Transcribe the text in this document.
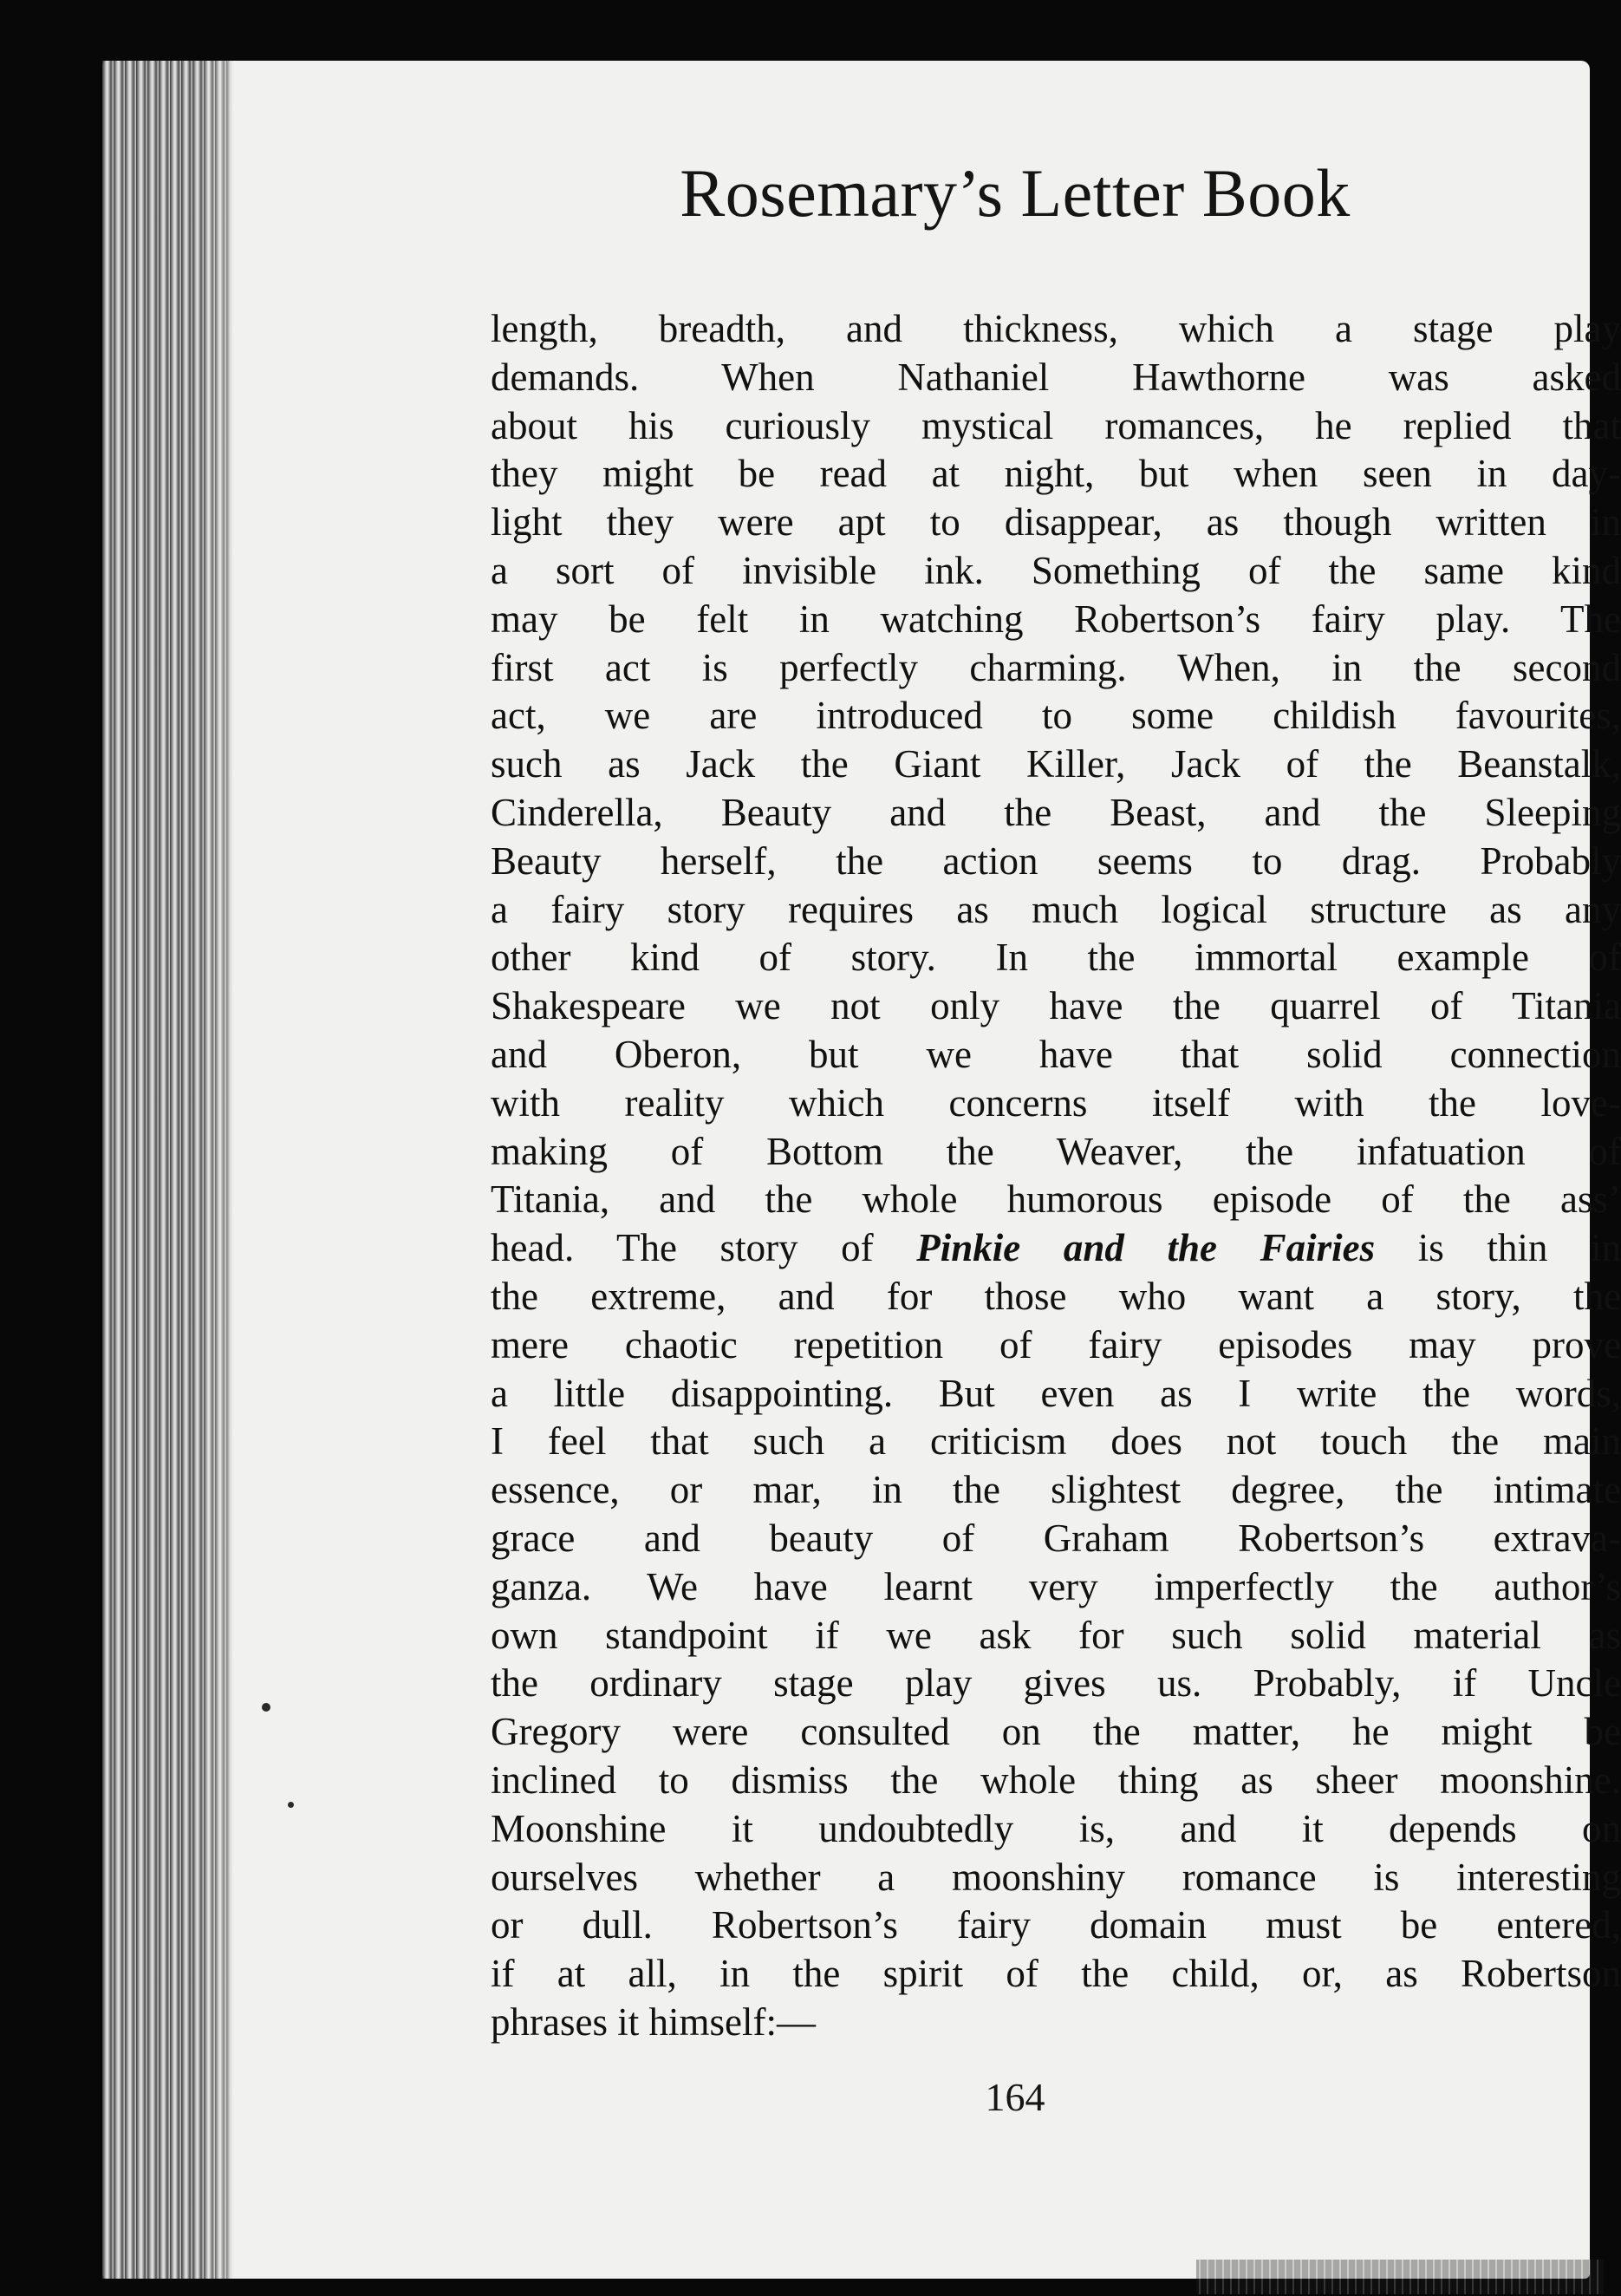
Rosemary’s Letter Book
length, breadth, and thickness, which a stage play
demands. When Nathaniel Hawthorne was asked
about his curiously mystical romances, he replied that
they might be read at night, but when seen in day-
light they were apt to disappear, as though written in
a sort of invisible ink. Something of the same kind
may be felt in watching Robertson’s fairy play. The
first act is perfectly charming. When, in the second
act, we are introduced to some childish favourites,
such as Jack the Giant Killer, Jack of the Beanstalk,
Cinderella, Beauty and the Beast, and the Sleeping
Beauty herself, the action seems to drag. Probably
a fairy story requires as much logical structure as any
other kind of story. In the immortal example of
Shakespeare we not only have the quarrel of Titania
and Oberon, but we have that solid connection
with reality which concerns itself with the love-
making of Bottom the Weaver, the infatuation of
Titania, and the whole humorous episode of the ass’
head. The story of Pinkie and the Fairies is thin in
the extreme, and for those who want a story, the
mere chaotic repetition of fairy episodes may prove
a little disappointing. But even as I write the words,
I feel that such a criticism does not touch the main
essence, or mar, in the slightest degree, the intimate
grace and beauty of Graham Robertson’s extrava-
ganza. We have learnt very imperfectly the author’s
own standpoint if we ask for such solid material as
the ordinary stage play gives us. Probably, if Uncle
Gregory were consulted on the matter, he might be
inclined to dismiss the whole thing as sheer moonshine.
Moonshine it undoubtedly is, and it depends on
ourselves whether a moonshiny romance is interesting
or dull. Robertson’s fairy domain must be entered,
if at all, in the spirit of the child, or, as Robertson
phrases it himself:—
164
